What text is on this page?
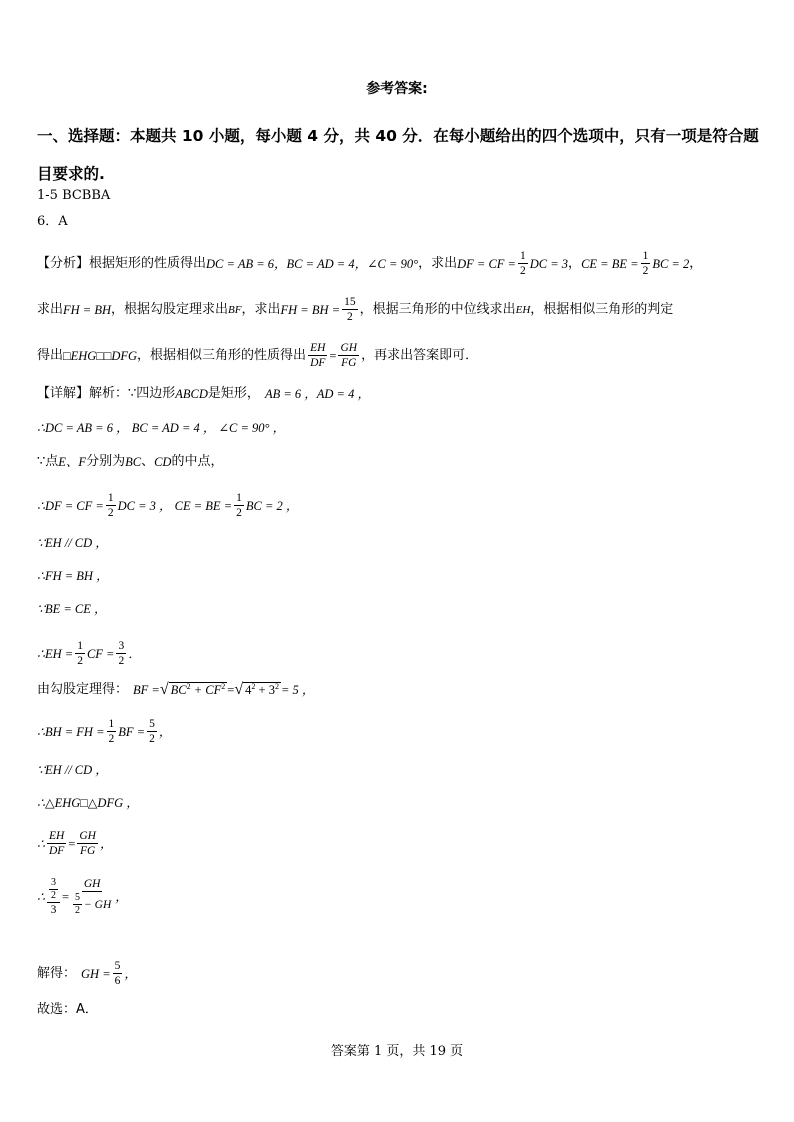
参考答案:
一、选择题：本题共 10 小题，每小题 4 分，共 40 分．在每小题给出的四个选项中，只有一项是符合题目要求的.
1-5 BCBBA
6．A
【分析】根据矩形的性质得出 DC = AB = 6，BC = AD = 4，∠C = 90° ，求出 DF = CF = $\frac{1}{2}$ DC = 3 ， CE = BE = $\frac{1}{2}$ BC = 2 ，
求出 FH = BH ，根据勾股定理求出 BF ，求出 FH = BH = $\frac{15}{2}$ ，根据三角形的中位线求出 EH ，根据相似三角形的判定
得出 □EHG□□DFG ，根据相似三角形的性质得出 $\frac{EH}{DF} = \frac{GH}{FG}$ ，再求出答案即可．
【详解】解析：∵四边形 ABCD 是矩形， AB = 6 ，AD = 4 ，
∴DC = AB = 6 ， BC = AD = 4 ， ∠C = 90° ，
∵点 E、F 分别为 BC 、 CD 的中点，
∴DF = CF = $\frac{1}{2}$ DC = 3 ， CE = BE = $\frac{1}{2}$ BC = 2 ，
∵EH // CD ，
∴FH = BH ，
∵BE = CE ，
∴EH = $\frac{1}{2}$ CF = $\frac{3}{2}$ ．
由勾股定理得： BF = √ $BC^2 + CF^2$ = √ $4^2 + 3^2 = 5$ ，
∴BH = FH = $\frac{1}{2}$ BF = $\frac{5}{2}$ ，
∵EH // CD ，
∴△EHG□△DFG ，
∴ $\frac{EH}{DF} = \frac{GH}{FG}$ ，
∴ $\frac{\frac{3}{2}}{3} = \frac{GH}{\frac{5}{2} - GH}$ ，
解得： GH = $\frac{5}{6}$ ，
故选：A．
答案第 1 页，共 19 页
